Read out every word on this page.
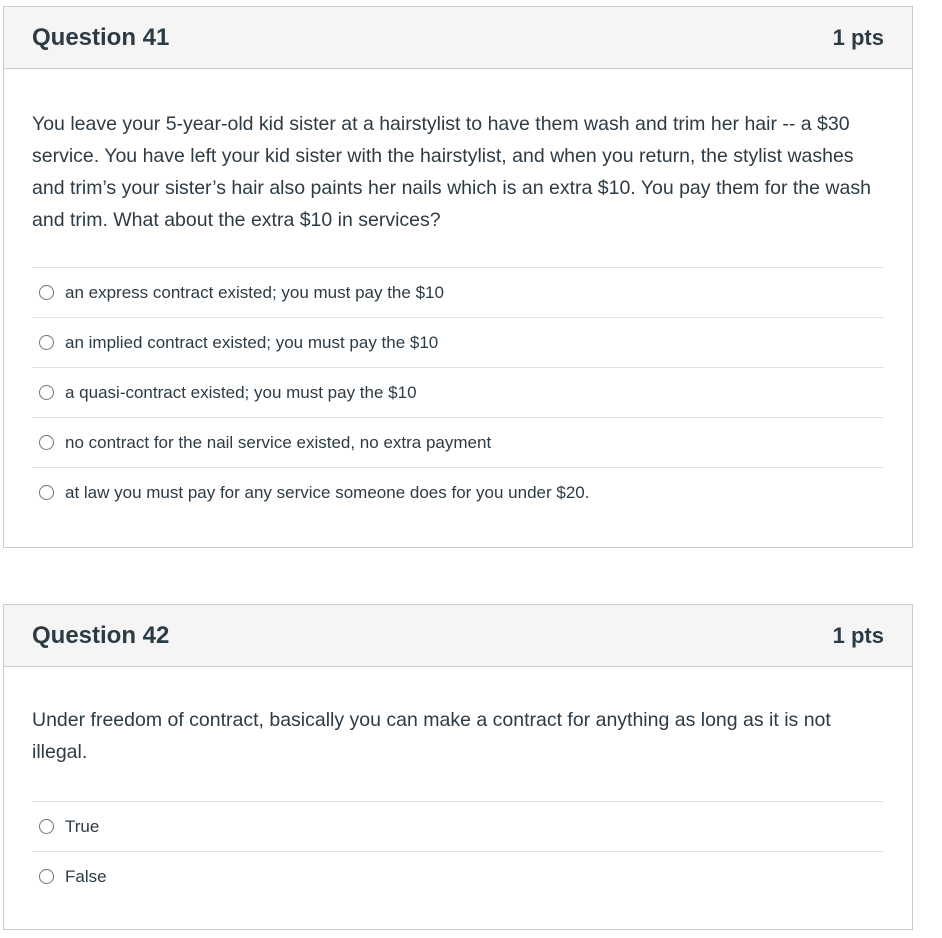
Question 41	1 pts

You leave your 5-year-old kid sister at a hairstylist to have them wash and trim her hair -- a $30 service. You have left your kid sister with the hairstylist, and when you return, the stylist washes and trim’s your sister’s hair also paints her nails which is an extra $10. You pay them for the wash and trim. What about the extra $10 in services?

an express contract existed; you must pay the $10
an implied contract existed; you must pay the $10
a quasi-contract existed; you must pay the $10
no contract for the nail service existed, no extra payment
at law you must pay for any service someone does for you under $20.
Question 42	1 pts

Under freedom of contract, basically you can make a contract for anything as long as it is not illegal.

True
False
